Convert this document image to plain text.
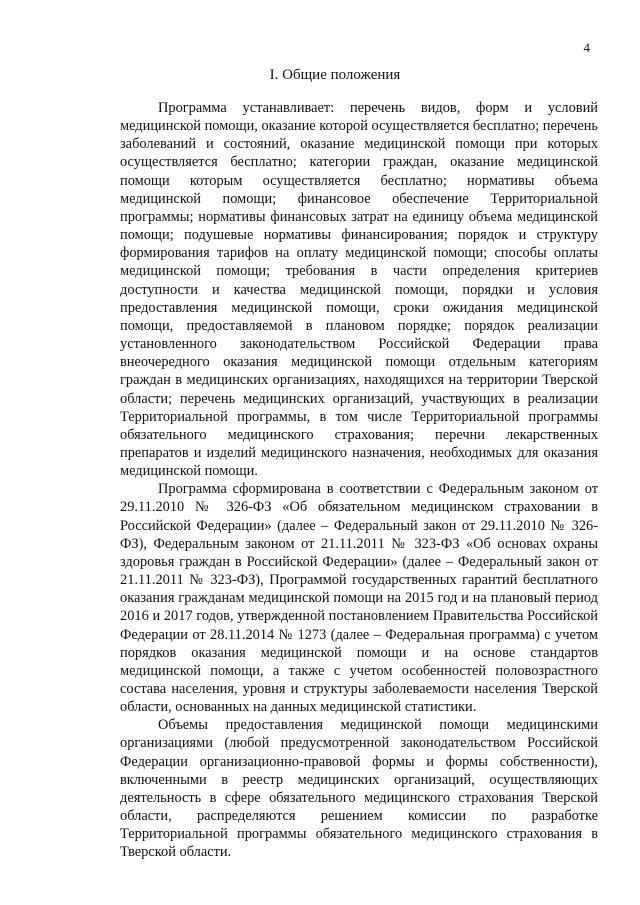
4
I. Общие положения

Программа устанавливает: перечень видов, форм и условий медицинской помощи, оказание которой осуществляется бесплатно; перечень заболеваний и состояний, оказание медицинской помощи при которых осуществляется бесплатно; категории граждан, оказание медицинской помощи которым осуществляется бесплатно; нормативы объема медицинской помощи; финансовое обеспечение Территориальной программы; нормативы финансовых затрат на единицу объема медицинской помощи; подушевые нормативы финансирования; порядок и структуру формирования тарифов на оплату медицинской помощи; способы оплаты медицинской помощи; требования в части определения критериев доступности и качества медицинской помощи, порядки и условия предоставления медицинской помощи, сроки ожидания медицинской помощи, предоставляемой в плановом порядке; порядок реализации установленного законодательством Российской Федерации права внеочередного оказания медицинской помощи отдельным категориям граждан в медицинских организациях, находящихся на территории Тверской области; перечень медицинских организаций, участвующих в реализации Территориальной программы, в том числе Территориальной программы обязательного медицинского страхования; перечни лекарственных препаратов и изделий медицинского назначения, необходимых для оказания медицинской помощи.

Программа сформирована в соответствии с Федеральным законом от 29.11.2010 № 326-ФЗ «Об обязательном медицинском страховании в Российской Федерации» (далее – Федеральный закон от 29.11.2010 № 326-ФЗ), Федеральным законом от 21.11.2011 № 323-ФЗ «Об основах охраны здоровья граждан в Российской Федерации» (далее – Федеральный закон от 21.11.2011 № 323-ФЗ), Программой государственных гарантий бесплатного оказания гражданам медицинской помощи на 2015 год и на плановый период 2016 и 2017 годов, утвержденной постановлением Правительства Российской Федерации от 28.11.2014 № 1273 (далее – Федеральная программа) с учетом порядков оказания медицинской помощи и на основе стандартов медицинской помощи, а также с учетом особенностей половозрастного состава населения, уровня и структуры заболеваемости населения Тверской области, основанных на данных медицинской статистики.

Объемы предоставления медицинской помощи медицинскими организациями (любой предусмотренной законодательством Российской Федерации организационно-правовой формы и формы собственности), включенными в реестр медицинских организаций, осуществляющих деятельность в сфере обязательного медицинского страхования Тверской области, распределяются решением комиссии по разработке Территориальной программы обязательного медицинского страхования в Тверской области.
